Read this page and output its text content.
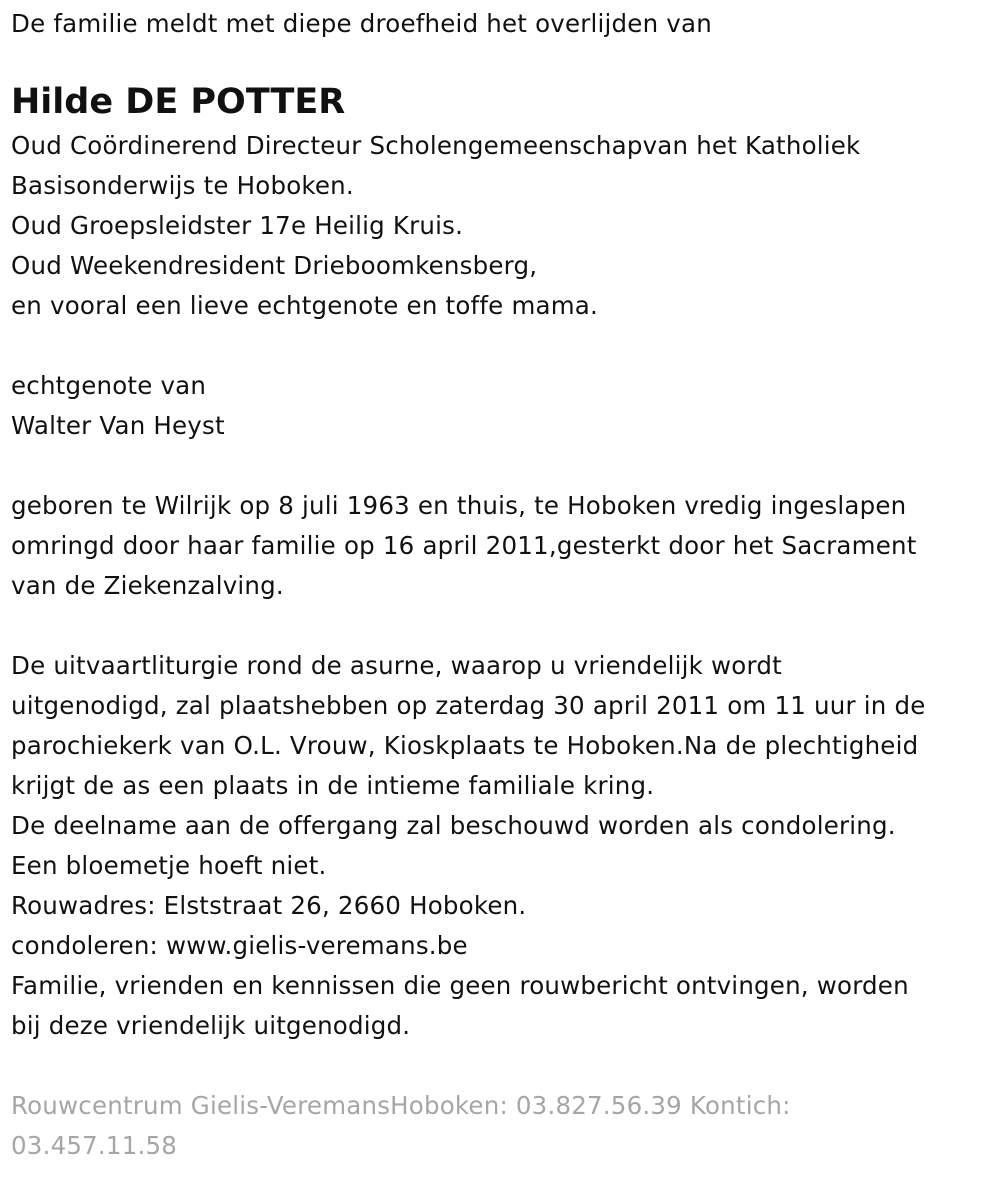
De familie meldt met diepe droefheid het overlijden van
Hilde DE POTTER
Oud Coördinerend Directeur Scholengemeenschapvan het Katholiek
Basisonderwijs te Hoboken.
Oud Groepsleidster 17e Heilig Kruis.
Oud Weekendresident Drieboomkensberg,
en vooral een lieve echtgenote en toffe mama.
echtgenote van
Walter Van Heyst
geboren te Wilrijk op 8 juli 1963 en thuis, te Hoboken vredig ingeslapen
omringd door haar familie op 16 april 2011,gesterkt door het Sacrament
van de Ziekenzalving.
De uitvaartliturgie rond de asurne, waarop u vriendelijk wordt
uitgenodigd, zal plaatshebben op zaterdag 30 april 2011 om 11 uur in de
parochiekerk van O.L. Vrouw, Kioskplaats te Hoboken.Na de plechtigheid
krijgt de as een plaats in de intieme familiale kring.
De deelname aan de offergang zal beschouwd worden als condolering.
Een bloemetje hoeft niet.
Rouwadres: Elststraat 26, 2660 Hoboken.
condoleren: www.gielis-veremans.be
Familie, vrienden en kennissen die geen rouwbericht ontvingen, worden
bij deze vriendelijk uitgenodigd.
Rouwcentrum Gielis-VeremansHoboken: 03.827.56.39 Kontich:
03.457.11.58
